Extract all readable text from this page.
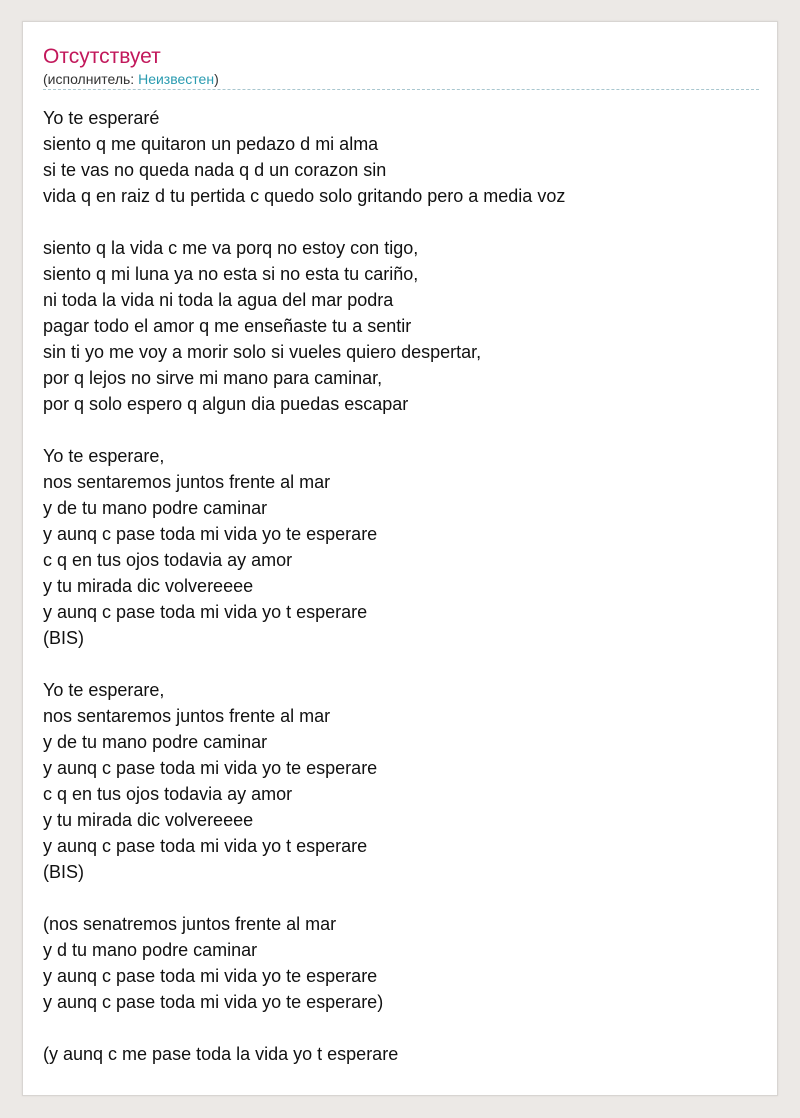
Отсутствует

(исполнитель: Неизвестен)

Yo te esperaré
siento q me quitaron un pedazo d mi alma
si te vas no queda nada q d un corazon sin
vida q en raiz d tu pertida c quedo solo gritando pero a media voz
siento q la vida c me va porq no estoy con tigo,
siento q mi luna ya no esta si no esta tu cariño,
ni toda la vida ni toda la agua del mar podra
pagar todo el amor q me enseñaste tu a sentir
sin ti yo me voy a morir solo si vueles quiero despertar,
por q lejos no sirve mi mano para caminar,
por q solo espero q algun dia puedas escapar
Yo te esperare,
nos sentaremos juntos frente al mar
y de tu mano podre caminar
y aunq c pase toda mi vida yo te esperare
c q en tus ojos todavia ay amor
y tu mirada dic volvereeee
y aunq c pase toda mi vida yo t esperare
(BIS)
Yo te esperare,
nos sentaremos juntos frente al mar
y de tu mano podre caminar
y aunq c pase toda mi vida yo te esperare
c q en tus ojos todavia ay amor
y tu mirada dic volvereeee
y aunq c pase toda mi vida yo t esperare
(BIS)
(nos senatremos juntos frente al mar
y d tu mano podre caminar
y aunq c pase toda mi vida yo te esperare
y aunq c pase toda mi vida yo te esperare)
(y aunq c me pase toda la vida yo t esperare
